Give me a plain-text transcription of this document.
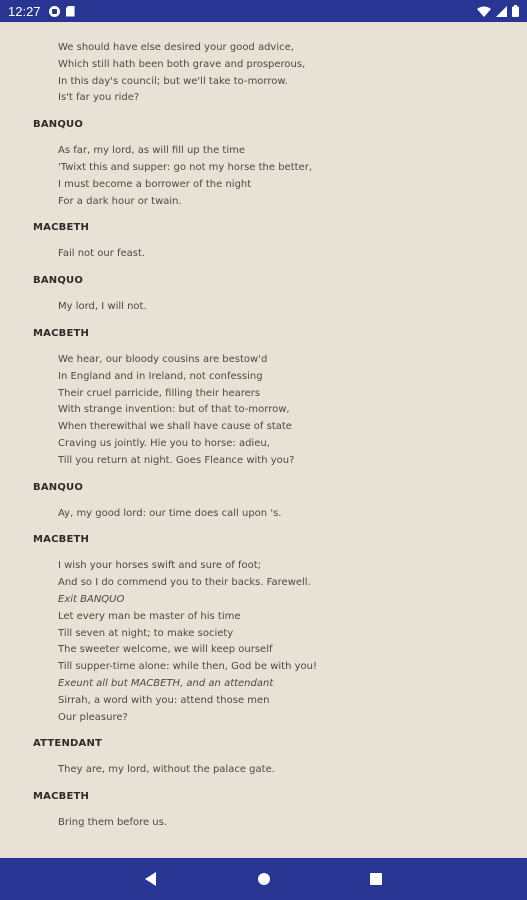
12:27
We should have else desired your good advice,
Which still hath been both grave and prosperous,
In this day's council; but we'll take to-morrow.
Is't far you ride?
BANQUO
As far, my lord, as will fill up the time
'Twixt this and supper: go not my horse the better,
I must become a borrower of the night
For a dark hour or twain.
MACBETH
Fail not our feast.
BANQUO
My lord, I will not.
MACBETH
We hear, our bloody cousins are bestow'd
In England and in Ireland, not confessing
Their cruel parricide, filling their hearers
With strange invention: but of that to-morrow,
When therewithal we shall have cause of state
Craving us jointly. Hie you to horse: adieu,
Till you return at night. Goes Fleance with you?
BANQUO
Ay, my good lord: our time does call upon 's.
MACBETH
I wish your horses swift and sure of foot;
And so I do commend you to their backs. Farewell.
Exit BANQUO
Let every man be master of his time
Till seven at night; to make society
The sweeter welcome, we will keep ourself
Till supper-time alone: while then, God be with you!
Exeunt all but MACBETH, and an attendant
Sirrah, a word with you: attend those men
Our pleasure?
ATTENDANT
They are, my lord, without the palace gate.
MACBETH
Bring them before us.
